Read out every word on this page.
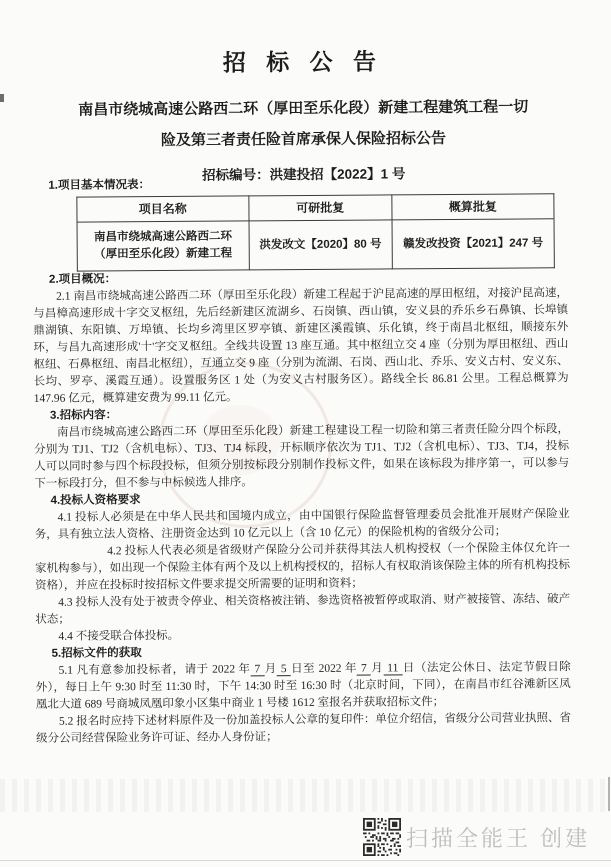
招 标 公 告
南昌市绕城高速公路西二环（厚田至乐化段）新建工程建筑工程一切
险及第三者责任险首席承保人保险招标公告
招标编号：洪建投招【2022】1 号
1.项目基本情况表：
项目名称	可研批复	概算批复
南昌市绕城高速公路西二环（厚田至乐化段）新建工程	洪发改文【2020】80 号	赣发改投资【2021】247 号
2.项目概况：

2.1 南昌市绕城高速公路西二环（厚田至乐化段）新建工程起于沪昆高速的厚田枢纽，对接沪昆高速，与昌樟高速形成十字交叉枢纽，先后经新建区流湖乡、石岗镇、西山镇，安义县的乔乐乡石鼻镇、长埠镇鼎湖镇、东阳镇、万埠镇、长均乡湾里区罗亭镇、新建区溪霞镇、乐化镇，终于南昌北枢纽，顺接东外环，与昌九高速形成'十'字交叉枢纽。全线共设置 13 座互通。其中枢纽立交 4 座（分别为厚田枢纽、西山枢纽、石鼻枢纽、南昌北枢纽），互通立交 9 座（分别为流湖、石岗、西山北、乔乐、安义古村、安义东、长均、罗亭、溪霞互通）。设置服务区 1 处（为安义古村服务区）。路线全长 86.81 公里。工程总概算为 147.96 亿元，概算建安费为 99.11 亿元。

3.招标内容：

南昌市绕城高速公路西二环（厚田至乐化段）新建工程建设工程一切险和第三者责任险分四个标段，分别为 TJ1、TJ2（含机电标）、TJ3、TJ4 标段，开标顺序依次为 TJ1、TJ2（含机电标）、TJ3、TJ4，投标人可以同时参与四个标段投标，但须分别按标段分别制作投标文件，如果在该标段为排序第一，可以参与下一标段打分，但不参与中标候选人排序。

4.投标人资格要求

4.1 投标人必须是在中华人民共和国境内成立，由中国银行保险监督管理委员会批准开展财产保险业务，具有独立法人资格、注册资金达到 10 亿元以上（含 10 亿元）的保险机构的省级分公司；

4.2 投标人代表必须是省级财产保险分公司并获得其法人机构授权（一个保险主体仅允许一家机构参与），如出现一个保险主体有两个及以上机构授权的，招标人有权取消该保险主体的所有机构投标资格），并应在投标时按招标文件要求提交所需要的证明和资料；

4.3 投标人没有处于被责令停业、相关资格被注销、参选资格被暂停或取消、财产被接管、冻结、破产状态；

4.4 不接受联合体投标。

5.招标文件的获取

5.1 凡有意参加投标者，请于 2022 年 7 月 5 日至 2022 年 7 月 11 日（法定公休日、法定节假日除外），每日上午 9:30 时至 11:30 时，下午 14:30 时至 16:30 时（北京时间，下同），在南昌市红谷滩新区凤凰北大道 689 号商城凤凰印象小区集中商业 1 号楼 1612 室报名并获取招标文件；

5.2 报名时应持下述材料原件及一份加盖投标人公章的复印件：单位介绍信，省级分公司营业执照、省级分公司经营保险业务许可证、经办人身份证；

扫描全能王 创建
